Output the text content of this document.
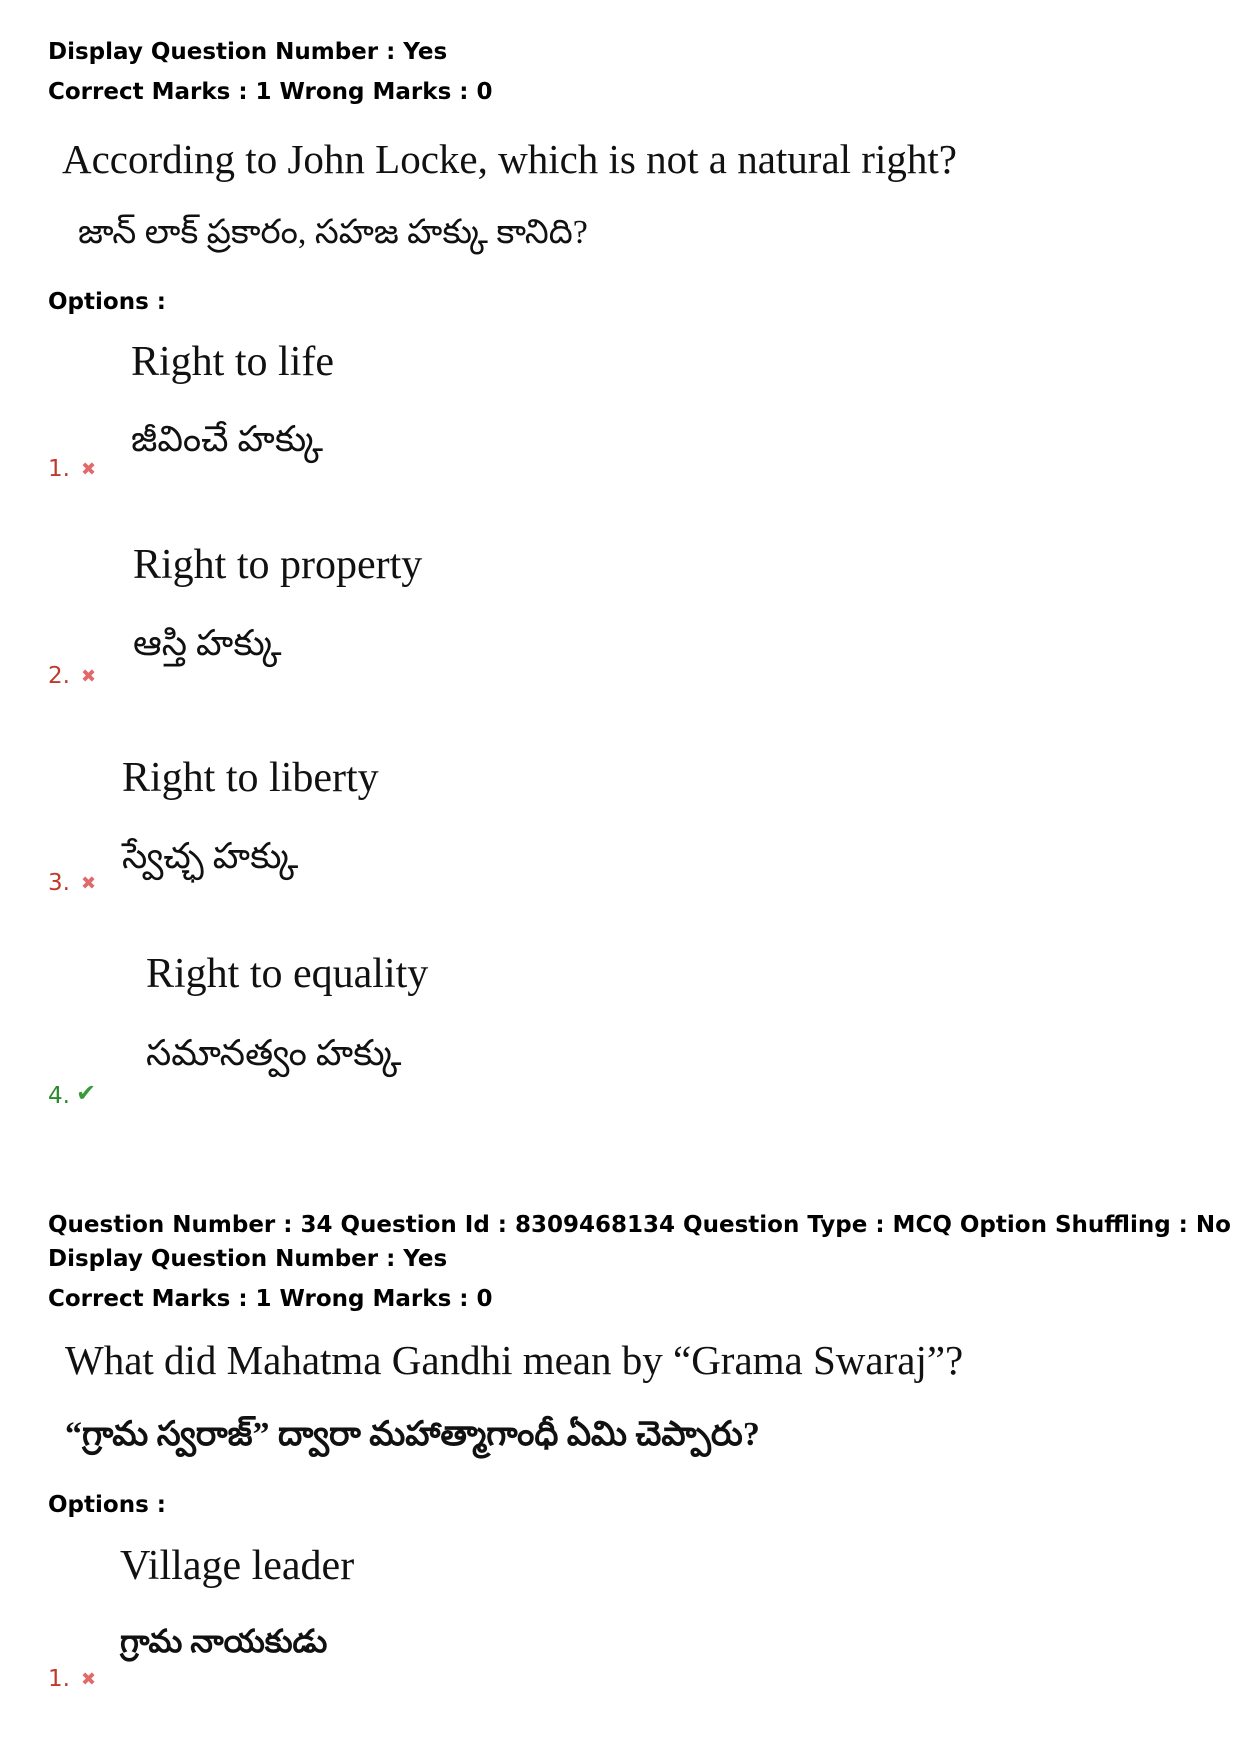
Display Question Number : Yes
Correct Marks : 1 Wrong Marks : 0
According to John Locke, which is not a natural right?
జాన్ లాక్ ప్రకారం, సహజ హక్కు కానిది?
Options :
Right to life
జీవించే హక్కు
1. ✖
Right to property
ఆస్తి హక్కు
2. ✖
Right to liberty
స్వేచ్ఛ హక్కు
3. ✖
Right to equality
సమానత్వం హక్కు
4. ✔
Question Number : 34 Question Id : 8309468134 Question Type : MCQ Option Shuffling : No
Display Question Number : Yes
Correct Marks : 1 Wrong Marks : 0
What did Mahatma Gandhi mean by “Grama Swaraj”?
“గ్రామ స్వరాజ్” ద్వారా మహాత్మాగాంధీ ఏమి చెప్పారు?
Options :
Village leader
గ్రామ నాయకుడు
1. ✖
